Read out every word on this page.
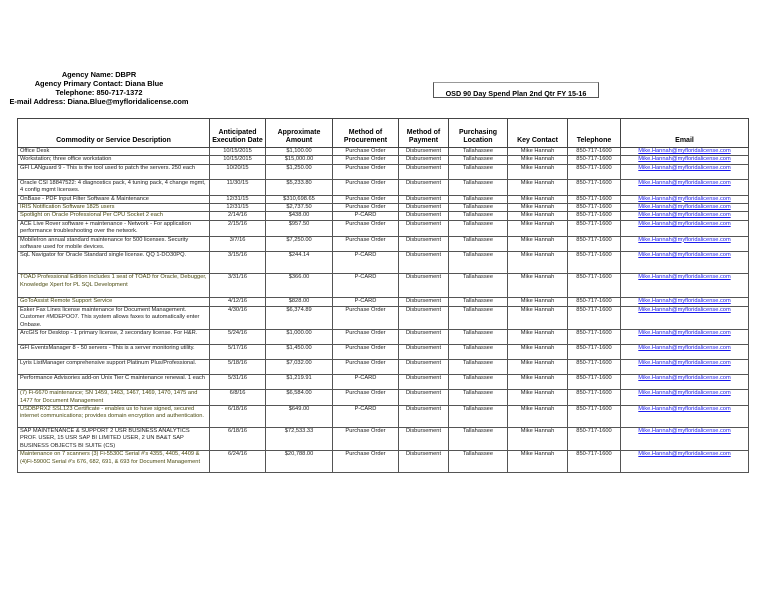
Agency Name: DBPR
Agency Primary Contact: Diana Blue
Telephone: 850-717-1372
E-mail Address: Diana.Blue@myfloridalicense.com
OSD 90 Day Spend Plan 2nd Qtr FY 15-16
Commodity or Service Description	Anticipated Execution Date	Approximate Amount	Method of Procurement	Method of Payment	Purchasing Location	Key Contact	Telephone	Email
Office Desk	10/15/2015	$1,100.00	Purchase Order	Disbursement	Tallahassee	Mike Hannah	850-717-1600	Mike.Hannah@myfloridalicense.com
Workstation; three office workstation	10/15/2015	$15,000.00	Purchase Order	Disbursement	Tallahassee	Mike Hannah	850-717-1600	Mike.Hannah@myfloridalicense.com
GFI LANguard 9 - This is the tool used to patch the servers. 250 each	10/20/15	$1,250.00	Purchase Order	Disbursement	Tallahassee	Mike Hannah	850-717-1600	Mike.Hannah@myfloridalicense.com
Oracle CSI 18847522: 4 diagnostics pack, 4 tuning pack, 4 change mgmt, 4 config mgmt licenses.	11/30/15	$5,233.80	Purchase Order	Disbursement	Tallahassee	Mike Hannah	850-717-1600	Mike.Hannah@myfloridalicense.com
OnBase - PDF Input Filter Software & Maintenance	12/31/15	$310,698.65	Purchase Order	Disbursement	Tallahassee	Mike Hannah	850-717-1600	Mike.Hannah@myfloridalicense.com
IRIS Notification Software 1825 users	12/31/15	$2,737.50	Purchase Order	Disbursement	Tallahassee	Mike Hannah	850-717-1600	Mike.Hannah@myfloridalicense.com
Spotlight on Oracle Professional Per CPU Socket 2 each	2/14/16	$438.00	P-CARD	Disbursement	Tallahassee	Mike Hannah	850-717-1600	Mike.Hannah@myfloridalicense.com
ACE Live Rover software + maintenance - Network - For application performance troubleshooting over the network.	2/15/16	$957.50	Purchase Order	Disbursement	Tallahassee	Mike Hannah	850-717-1600	Mike.Hannah@myfloridalicense.com
MobileIron annual standard maintenance for 500 licenses. Security software used for mobile devices.	3/7/16	$7,250.00	Purchase Order	Disbursement	Tallahassee	Mike Hannah	850-717-1600	Mike.Hannah@myfloridalicense.com
SqL Navigator for Oracle Standard single license. QQ 1-DO30PQ.	3/15/16	$244.14	P-CARD	Disbursement	Tallahassee	Mike Hannah	850-717-1600	Mike.Hannah@myfloridalicense.com
TOAD Professional Edition includes 1 seat of TOAD for Oracle, Debugger, Knowledge Xpert for PL SQL Development	3/31/16	$366.00	P-CARD	Disbursement	Tallahassee	Mike Hannah	850-717-1600	Mike.Hannah@myfloridalicense.com
GoToAssist Remote Support Service	4/12/16	$828.00	P-CARD	Disbursement	Tallahassee	Mike Hannah	850-717-1600	Mike.Hannah@myfloridalicense.com
Esker Fax Lines license maintenance for Document Management. Customer #MDEPOO7. This system allows faxes to automatically enter Onbase.	4/30/16	$6,374.89	Purchase Order	Disbursement	Tallahassee	Mike Hannah	850-717-1600	Mike.Hannah@myfloridalicense.com
ArcGIS for Desktop - 1 primary license, 2 secondary license. For H&R.	5/24/16	$1,000.00	Purchase Order	Disbursement	Tallahassee	Mike Hannah	850-717-1600	Mike.Hannah@myfloridalicense.com
GFI EventsManager 8 - 50 servers - This is a server monitoring utility.	5/17/16	$1,450.00	Purchase Order	Disbursement	Tallahassee	Mike Hannah	850-717-1600	Mike.Hannah@myfloridalicense.com
Lyris ListManager comprehensive support Platinum Plus/Professional.	5/18/16	$7,032.00	Purchase Order	Disbursement	Tallahassee	Mike Hannah	850-717-1600	Mike.Hannah@myfloridalicense.com
Performance Advisories add-on Unix Tier C maintenance renewal. 1 each	5/31/16	$1,219.91	P-CARD	Disbursement	Tallahassee	Mike Hannah	850-717-1600	Mike.Hannah@myfloridalicense.com
(7) Fi-6670 maintenance; SN 1459, 1463, 1467, 1469, 1470, 1475 and 1477 for Document Management	6/8/16	$6,584.00	Purchase Order	Disbursement	Tallahassee	Mike Hannah	850-717-1600	Mike.Hannah@myfloridalicense.com
USDBPRX2 SSL123 Certificate - enables us to have signed, secured internet communications; provides domain encryption and authentication.	6/18/16	$649.00	P-CARD	Disbursement	Tallahassee	Mike Hannah	850-717-1600	Mike.Hannah@myfloridalicense.com
SAP MAINTENANCE & SUPPORT 2 USR BUSINESS ANALYTICS PROF. USER, 15 USR SAP BI LIMITED USER, 2 UN BA&T SAP BUSINESS OBJECTS BI SUITE (CS)	6/18/16	$72,533.33	Purchase Order	Disbursement	Tallahassee	Mike Hannah	850-717-1600	Mike.Hannah@myfloridalicense.com
Maintenance on 7 scanners (3) Fi-5530C Serial #'s 4355, 4405, 4409 & (4)Fi-5900C Serial #'s 676, 682, 691, & 693 for Document Management	6/24/16	$20,788.00	Purchase Order	Disbursement	Tallahassee	Mike Hannah	850-717-1600	Mike.Hannah@myfloridalicense.com
